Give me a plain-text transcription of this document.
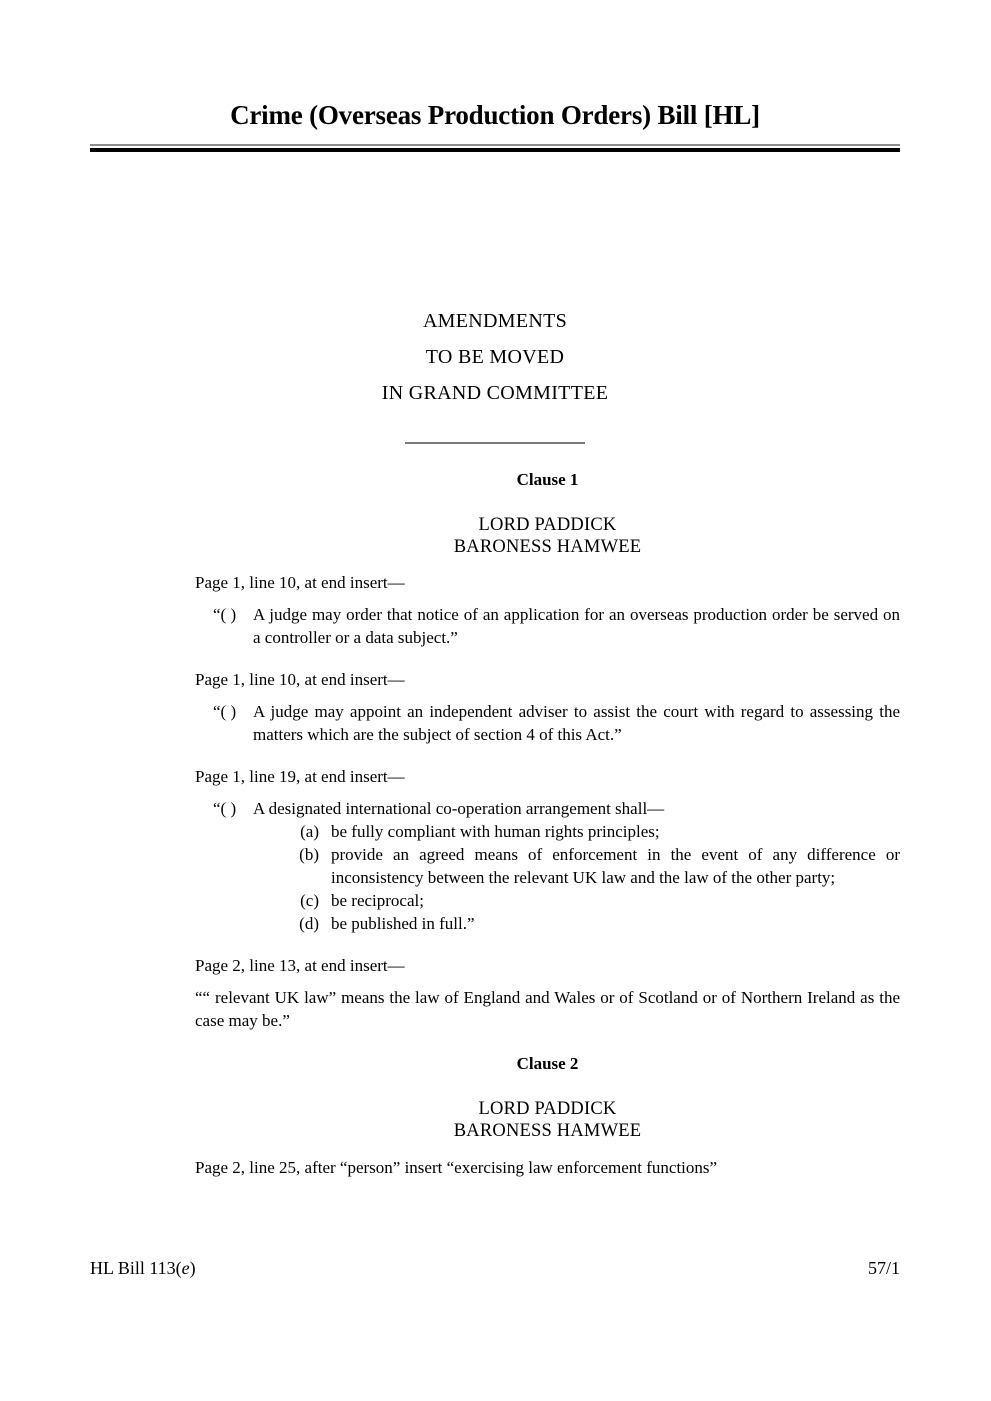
Crime (Overseas Production Orders) Bill [HL]
AMENDMENTS
TO BE MOVED
IN GRAND COMMITTEE
Clause 1
LORD PADDICK
BARONESS HAMWEE
Page 1, line 10, at end insert—
“( ) A judge may order that notice of an application for an overseas production order be served on a controller or a data subject.”
Page 1, line 10, at end insert—
“( ) A judge may appoint an independent adviser to assist the court with regard to assessing the matters which are the subject of section 4 of this Act.”
Page 1, line 19, at end insert—
“( ) A designated international co-operation arrangement shall—
(a) be fully compliant with human rights principles;
(b) provide an agreed means of enforcement in the event of any difference or inconsistency between the relevant UK law and the law of the other party;
(c) be reciprocal;
(d) be published in full.”
Page 2, line 13, at end insert—
““ relevant UK law” means the law of England and Wales or of Scotland or of Northern Ireland as the case may be.”
Clause 2
LORD PADDICK
BARONESS HAMWEE
Page 2, line 25, after “person” insert “exercising law enforcement functions”
HL Bill 113(e)	57/1
